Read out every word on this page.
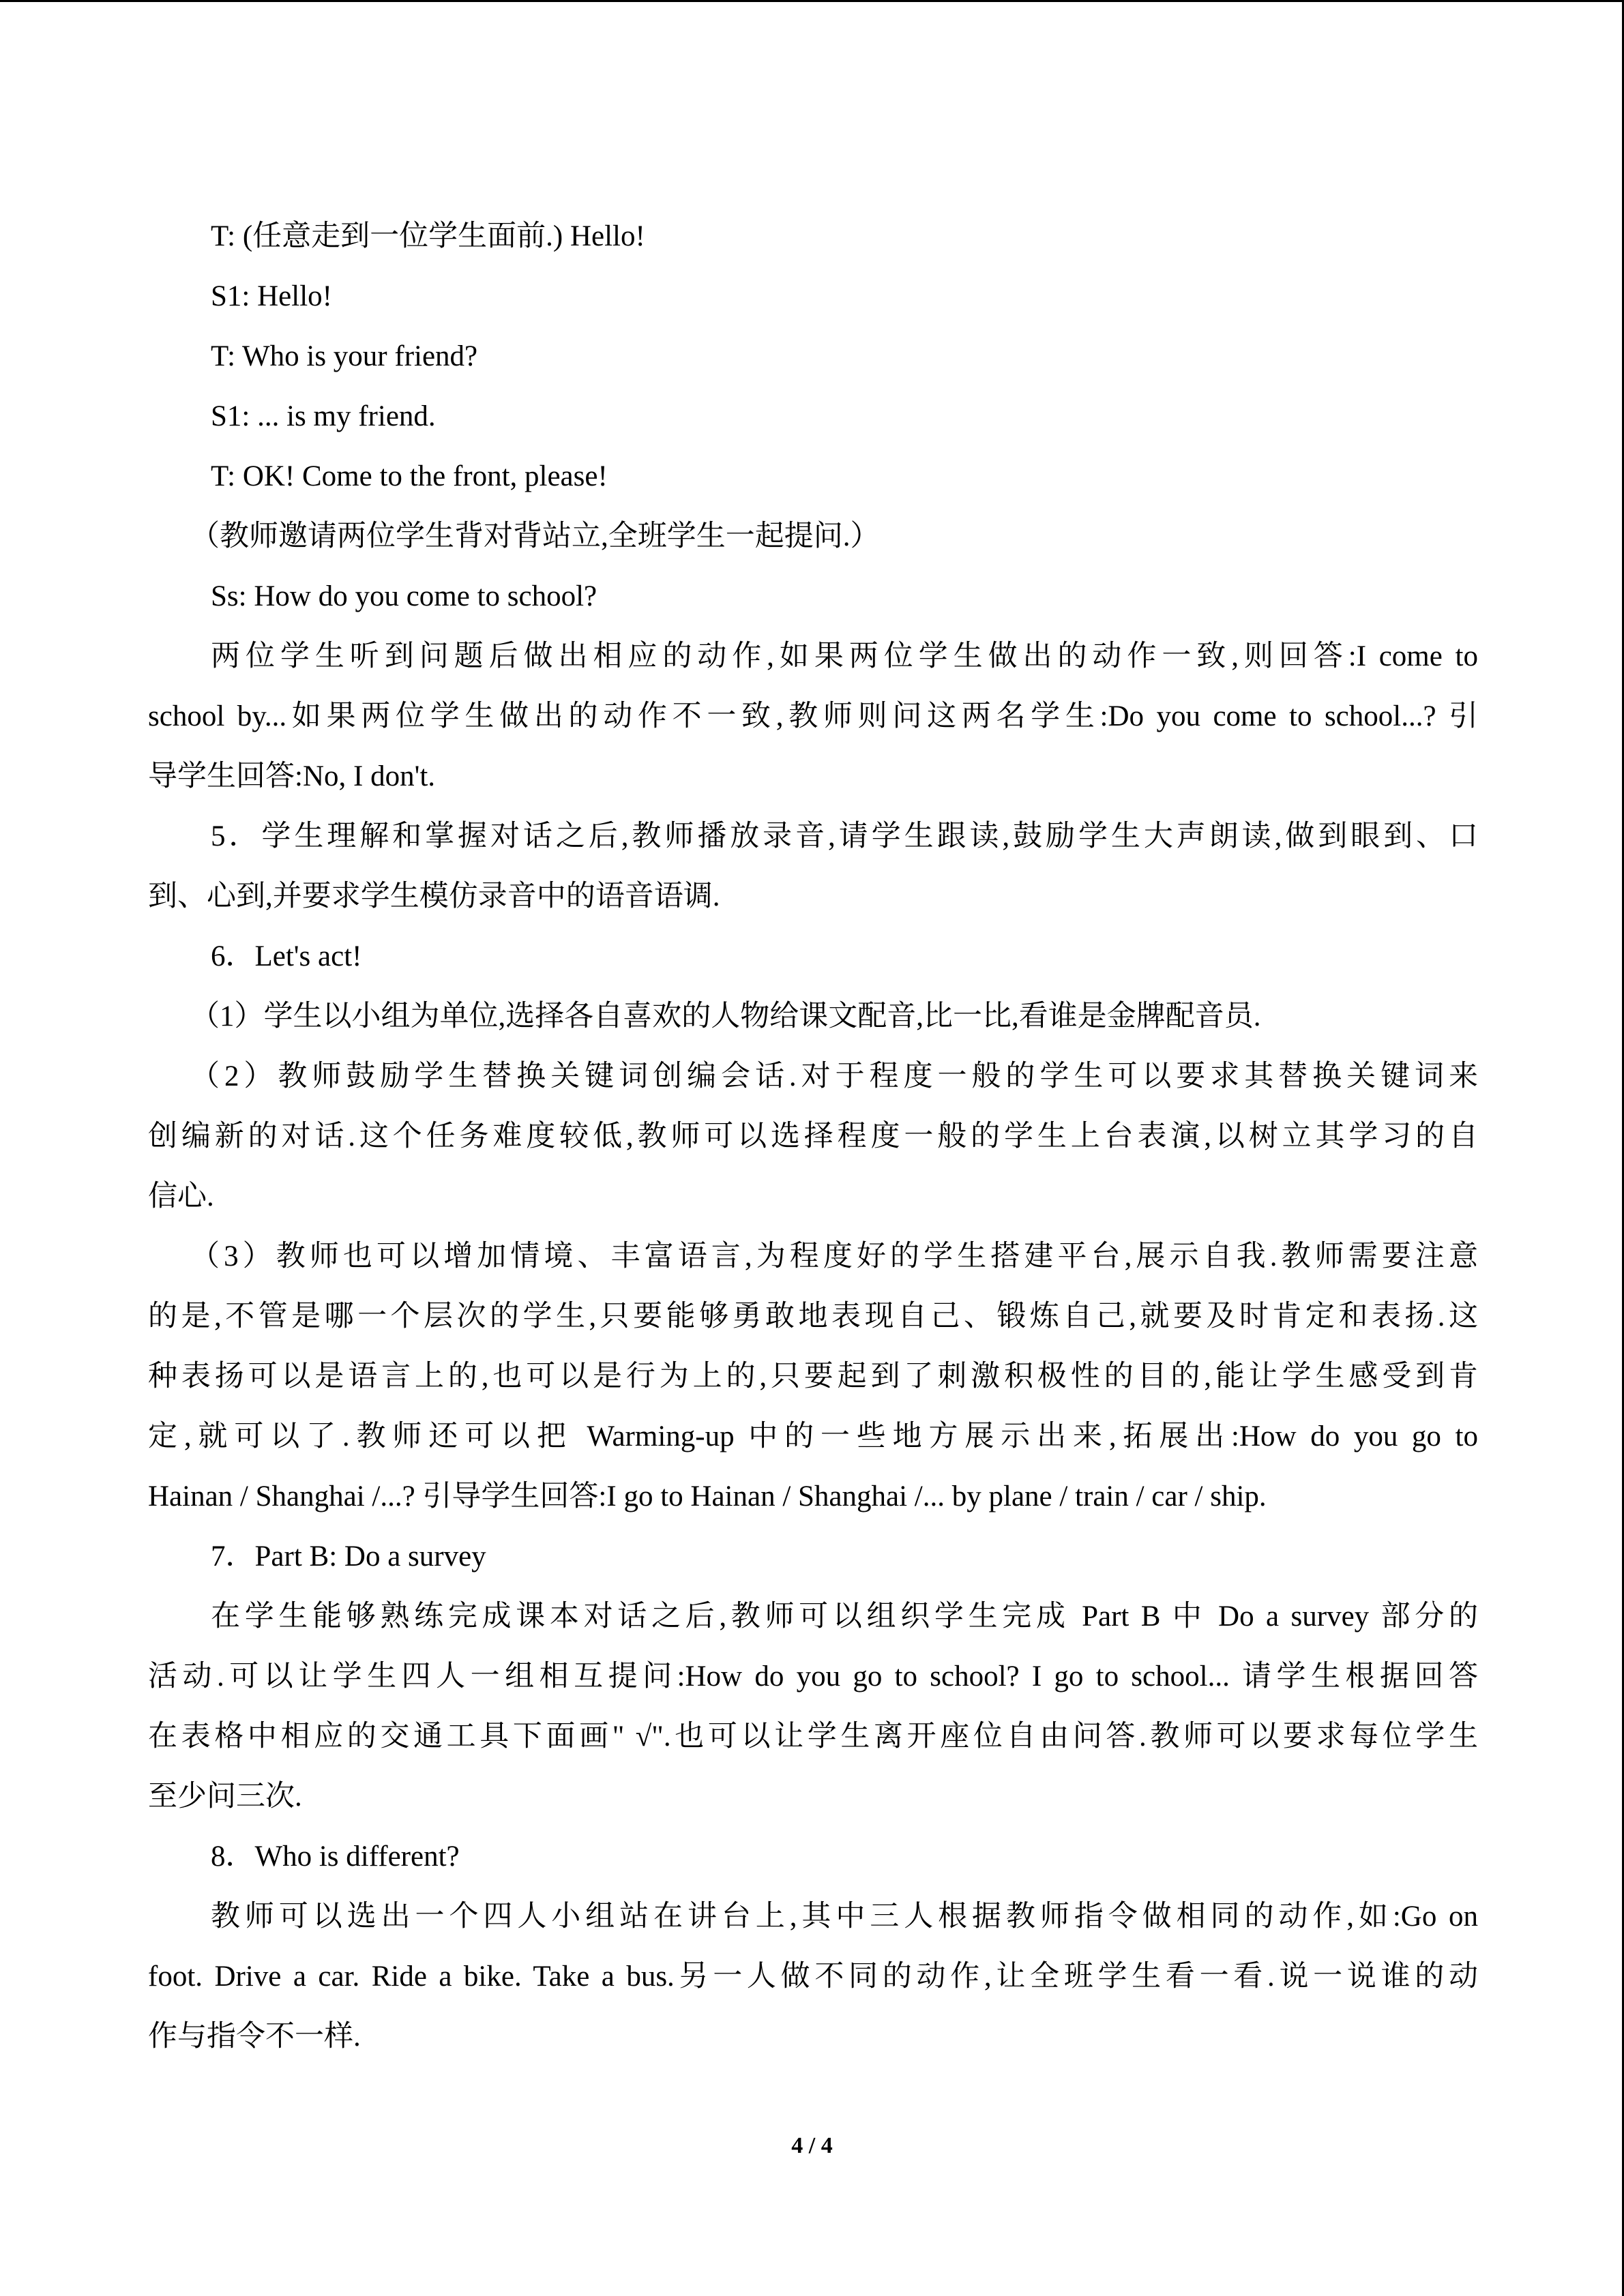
T: (任意走到一位学生面前.) Hello!
S1: Hello!
T: Who is your friend?
S1: ... is my friend.
T: OK! Come to the front, please!
（教师邀请两位学生背对背站立,全班学生一起提问.）
Ss: How do you come to school?
两位学生听到问题后做出相应的动作,如果两位学生做出的动作一致,则回答:I come to
school by...如果两位学生做出的动作不一致,教师则问这两名学生:Do you come to school...? 引
导学生回答:No, I don't.
5．学生理解和掌握对话之后,教师播放录音,请学生跟读,鼓励学生大声朗读,做到眼到、口
到、心到,并要求学生模仿录音中的语音语调.
6．Let's act!
（1）学生以小组为单位,选择各自喜欢的人物给课文配音,比一比,看谁是金牌配音员.
（2）教师鼓励学生替换关键词创编会话.对于程度一般的学生可以要求其替换关键词来
创编新的对话.这个任务难度较低,教师可以选择程度一般的学生上台表演,以树立其学习的自
信心.
（3）教师也可以增加情境、丰富语言,为程度好的学生搭建平台,展示自我.教师需要注意
的是,不管是哪一个层次的学生,只要能够勇敢地表现自己、锻炼自己,就要及时肯定和表扬.这
种表扬可以是语言上的,也可以是行为上的,只要起到了刺激积极性的目的,能让学生感受到肯
定,就可以了.教师还可以把 Warming-up 中的一些地方展示出来,拓展出:How do you go to
Hainan / Shanghai /...? 引导学生回答:I go to Hainan / Shanghai /... by plane / train / car / ship.
7．Part B: Do a survey
在学生能够熟练完成课本对话之后,教师可以组织学生完成 Part B 中 Do a survey 部分的
活动.可以让学生四人一组相互提问:How do you go to school? I go to school... 请学生根据回答
在表格中相应的交通工具下面画" √".也可以让学生离开座位自由问答.教师可以要求每位学生
至少问三次.
8．Who is different?
教师可以选出一个四人小组站在讲台上,其中三人根据教师指令做相同的动作,如:Go on
foot. Drive a car. Ride a bike. Take a bus.另一人做不同的动作,让全班学生看一看.说一说谁的动
作与指令不一样.
4 / 4
